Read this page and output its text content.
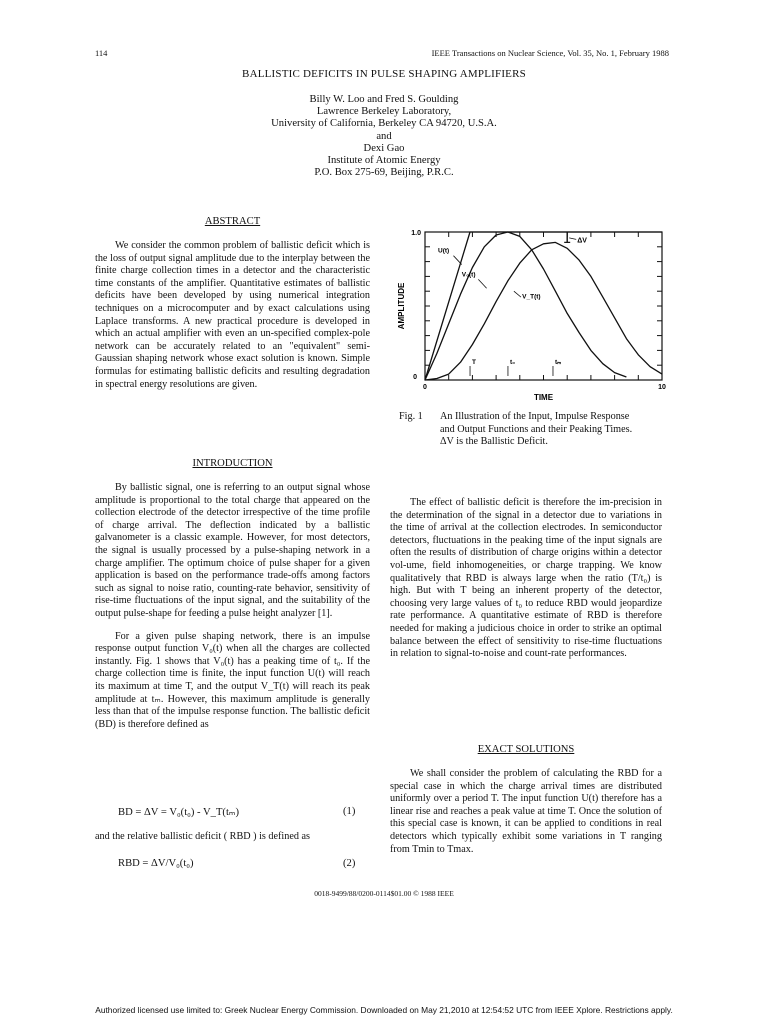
114	IEEE Transactions on Nuclear Science, Vol. 35, No. 1, February 1988
BALLISTIC DEFICITS IN PULSE SHAPING AMPLIFIERS
Billy W. Loo and Fred S. Goulding
Lawrence Berkeley Laboratory,
University of California, Berkeley CA 94720, U.S.A.
and
Dexi Gao
Institute of Atomic Energy
P.O. Box 275-69, Beijing, P.R.C.
ABSTRACT

We consider the common problem of ballistic deficit which is the loss of output signal amplitude due to the interplay between the finite charge collection times in a detector and the characteristic time constants of the amplifier. Quantitative estimates of ballistic deficits have been developed by using numerical integration techniques on a microcomputer and by exact calculations using Laplace transforms. A new practical procedure is developed in which an actual amplifier with even an un-specified complex-pole network can be accurately related to an "equivalent" semi-Gaussian shaping network whose exact solution is known. Simple formulas for estimating ballistic deficits and resulting degradation in spectral energy resolutions are given.

INTRODUCTION

By ballistic signal, one is referring to an output signal whose amplitude is proportional to the total charge that appeared on the collection electrode of the detector irrespective of the time profile of charge arrival. The deflection indicated by a ballistic galvanometer is a classic example. However, for most detectors, the signal is usually processed by a pulse-shaping network in a charge amplifier. The optimum choice of pulse shaper for a given application is based on the performance trade-offs among factors such as signal to noise ratio, counting-rate behavior, sensitivity of rise-time fluctuations of the input signal, and the suitability of the output pulse-shape for feeding a pulse height analyzer [1].

For a given pulse shaping network, there is an impulse response output function V₀(t) when all the charges are collected instantly. Fig. 1 shows that V₀(t) has a peaking time of t₀. If the charge collection time is finite, the input function U(t) will reach its maximum at time T, and the output V_T(t) will reach its peak amplitude at tₘ. However, this maximum amplitude is generally less than that of the impulse response function. The ballistic deficit (BD) is therefore defined as

BD = ΔV = V₀(t₀) - V_T(tₘ)	(1)
and the relative ballistic deficit ( RBD ) is defined as
RBD = ΔV/V₀(t₀)	(2)
1.0
0
0	10
TIME
AMPLITUDE
ΔV
U(t)
V₀(t)
V_T(t)
T	t₀	tₘ
Fig. 1 An Illustration of the Input, Impulse Response
and Output Functions and their Peaking Times.
ΔV is the Ballistic Deficit.

The effect of ballistic deficit is therefore the im-precision in the determination of the signal in a detector due to variations in the time of arrival at the collection electrodes. In semiconductor detectors, fluctuations in the peaking time of the input signals are often the results of distribution of charge origins within a detector vol-ume, field inhomogeneities, or charge trapping. We know qualitatively that RBD is always large when the ratio (T/t₀) is high. But with T being an inherent property of the detector, choosing very large values of t₀ to reduce RBD would jeopardize rate performance. A quantitative estimate of RBD is therefore needed for making a judicious choice in order to strike an optimal balance between the effect of sensitivity to rise-time fluctuations in relation to signal-to-noise and count-rate performances.

EXACT SOLUTIONS

We shall consider the problem of calculating the RBD for a special case in which the charge arrival times are distributed uniformly over a period T. The input function U(t) therefore has a linear rise and reaches a peak value at time T. Once the solution of this special case is known, it can be applied to conditions in real detectors which typically exhibit some variations in T ranging from Tmin to Tmax.

0018-9499/88/0200-0114$01.00 © 1988 IEEE
Authorized licensed use limited to: Greek Nuclear Energy Commission. Downloaded on May 21,2010 at 12:54:52 UTC from IEEE Xplore. Restrictions apply.
